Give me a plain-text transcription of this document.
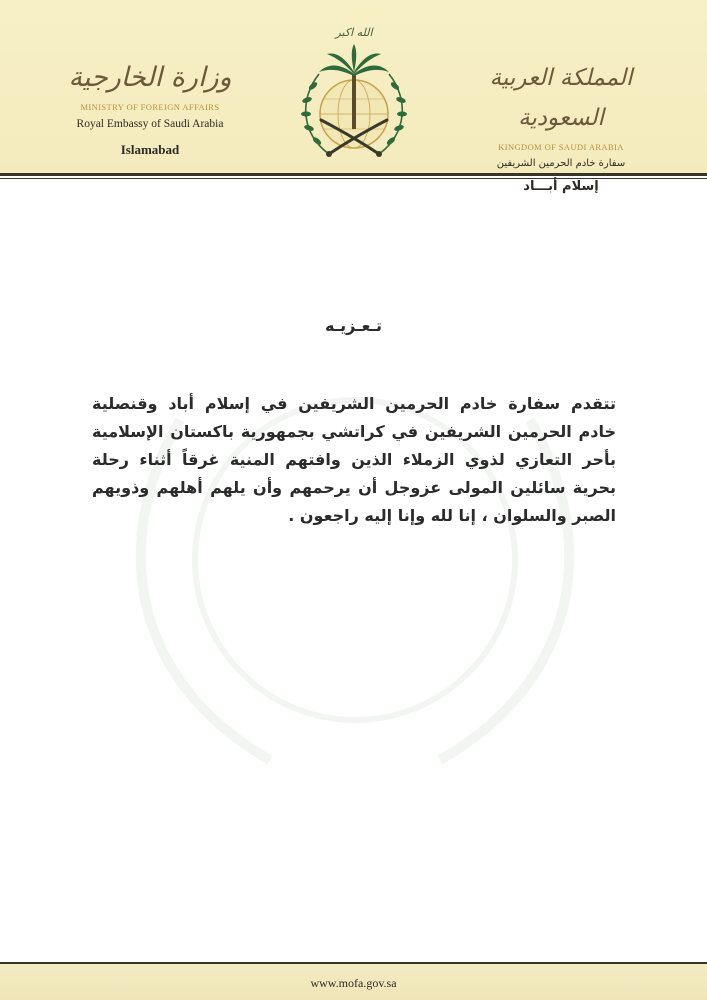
وزارة الخارجية
MINISTRY OF FOREIGN AFFAIRS
Royal Embassy of Saudi Arabia
Islamabad
المملكة العربية السعودية
KINGDOM OF SAUDI ARABIA
سفارة خادم الحرمين الشريفين
إسلام أبـــاد
الله اكبر
تـعـزيـه
تتقدم سفارة خادم الحرمين الشريفين في إسلام أباد وقنصلية خادم الحرمين الشريفين في كراتشي بجمهورية باكستان الإسلامية بأحر التعازي لذوي الزملاء الذين وافتهم المنية غرقاً أثناء رحلة بحرية سائلين المولى عزوجل أن يرحمهم وأن يلهم أهلهم وذويهم الصبر والسلوان ، إنا لله وإنا إليه راجعون .
www.mofa.gov.sa
